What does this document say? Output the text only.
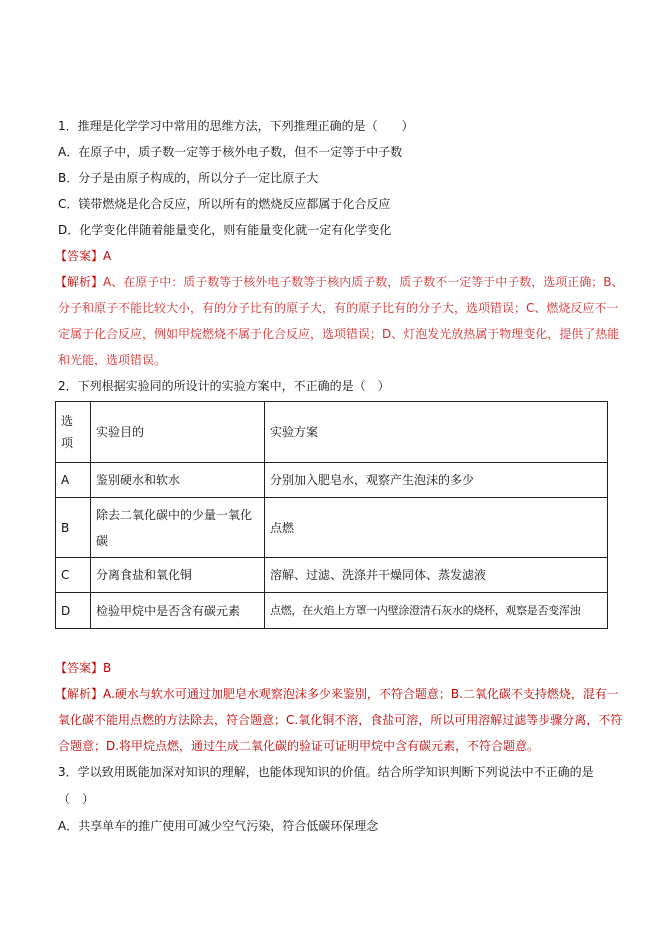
1．推理是化学学习中常用的思维方法，下列推理正确的是（　　）
A．在原子中，质子数一定等于核外电子数，但不一定等于中子数
B．分子是由原子构成的，所以分子一定比原子大
C．镁带燃烧是化合反应，所以所有的燃烧反应都属于化合反应
D．化学变化伴随着能量变化，则有能量变化就一定有化学变化
【答案】A
【解析】A、在原子中：质子数等于核外电子数等于核内质子数，质子数不一定等于中子数，选项正确；B、
分子和原子不能比较大小，有的分子比有的原子大，有的原子比有的分子大，选项错误；C、燃烧反应不一
定属于化合反应，例如甲烷燃烧不属于化合反应，选项错误；D、灯泡发光放热属于物理变化，提供了热能
和光能，选项错误。
2．下列根据实验同的所设计的实验方案中，不正确的是（　）
选项	实验目的	实验方案
A	鉴别硬水和软水	分别加入肥皂水，观察产生泡沫的多少
B	除去二氧化碳中的少量一氧化碳	点燃
C	分离食盐和氧化铜	溶解、过滤、洗涤并干燥同体、蒸发滤液
D	检验甲烷中是否含有碳元素	点燃，在火焰上方罩一内壁涂澄清石灰水的烧杯，观察是否变浑浊
【答案】B
【解析】A.硬水与软水可通过加肥皂水观察泡沫多少来鉴别，不符合题意；B.二氧化碳不支持燃烧，混有一
氧化碳不能用点燃的方法除去，符合题意；C.氧化铜不溶，食盐可溶，所以可用溶解过滤等步骤分离，不符
合题意；D.将甲烷点燃，通过生成二氧化碳的验证可证明甲烷中含有碳元素，不符合题意。
3．学以致用既能加深对知识的理解，也能体现知识的价值。结合所学知识判断下列说法中不正确的是
（　）
A．共享单车的推广使用可减少空气污染，符合低碳环保理念
